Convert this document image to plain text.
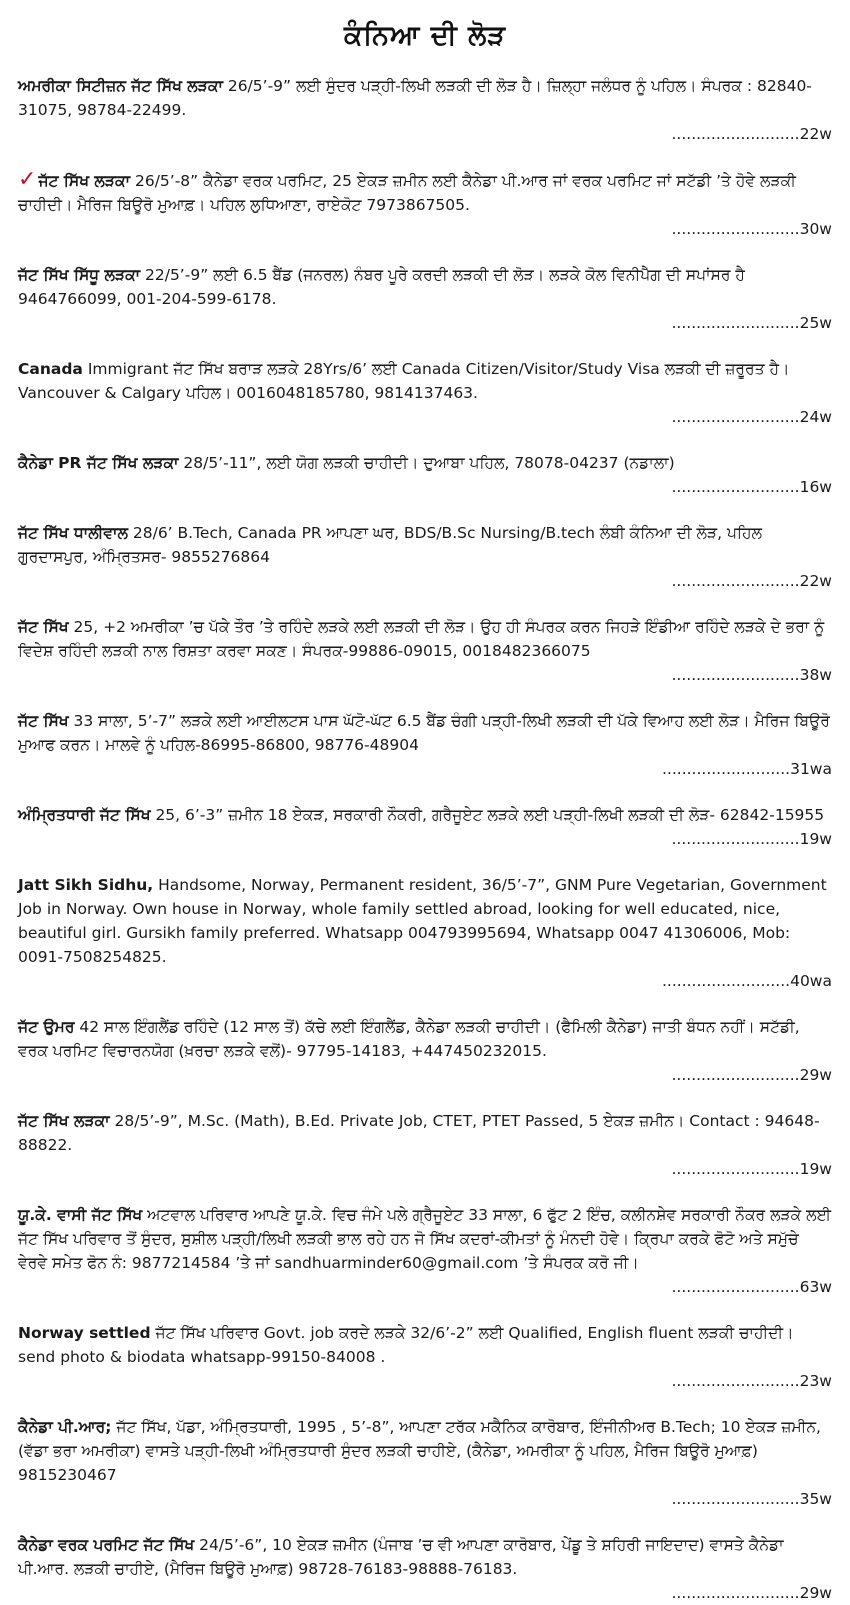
ਕੰਨਿਆ ਦੀ ਲੋੜ
ਅਮਰੀਕਾ ਸਿਟੀਜ਼ਨ ਜੱਟ ਸਿੱਖ ਲੜਕਾ 26/5’-9” ਲਈ ਸੁੰਦਰ ਪੜ੍ਹੀ-ਲਿਖੀ ਲੜਕੀ ਦੀ ਲੋੜ ਹੈ। ਜ਼ਿਲ੍ਹਾ ਜਲੰਧਰ ਨੂੰ ਪਹਿਲ। ਸੰਪਰਕ : 82840-31075, 98784-22499.
..........................22w
✓ ਜੱਟ ਸਿੱਖ ਲੜਕਾ 26/5’-8” ਕੈਨੇਡਾ ਵਰਕ ਪਰਮਿਟ, 25 ਏਕੜ ਜ਼ਮੀਨ ਲਈ ਕੈਨੇਡਾ ਪੀ.ਆਰ ਜਾਂ ਵਰਕ ਪਰਮਿਟ ਜਾਂ ਸਟੱਡੀ ’ਤੇ ਹੋਵੇ ਲੜਕੀ ਚਾਹੀਦੀ। ਮੈਰਿਜ ਬਿਊਰੋ ਮੁਆਫ਼। ਪਹਿਲ ਲੁਧਿਆਣਾ, ਰਾਏਕੋਟ 7973867505.
..........................30w
ਜੱਟ ਸਿੱਖ ਸਿੱਧੂ ਲੜਕਾ 22/5’-9” ਲਈ 6.5 ਬੈਂਡ (ਜਨਰਲ) ਨੰਬਰ ਪੂਰੇ ਕਰਦੀ ਲੜਕੀ ਦੀ ਲੋੜ। ਲੜਕੇ ਕੋਲ ਵਿਨੀਪੈੱਗ ਦੀ ਸਪਾਂਸਰ ਹੈ 9464766099, 001-204-599-6178.
..........................25w
Canada Immigrant ਜੱਟ ਸਿੱਖ ਬਰਾੜ ਲੜਕੇ 28Yrs/6’ ਲਈ Canada Citizen/Visitor/Study Visa ਲੜਕੀ ਦੀ ਜ਼ਰੂਰਤ ਹੈ। Vancouver & Calgary ਪਹਿਲ। 0016048185780, 9814137463.
..........................24w
ਕੈਨੇਡਾ PR ਜੱਟ ਸਿੱਖ ਲੜਕਾ 28/5’-11”, ਲਈ ਯੋਗ ਲੜਕੀ ਚਾਹੀਦੀ। ਦੁਆਬਾ ਪਹਿਲ, 78078-04237 (ਨਡਾਲਾ)
..........................16w
ਜੱਟ ਸਿੱਖ ਧਾਲੀਵਾਲ 28/6’ B.Tech, Canada PR ਆਪਣਾ ਘਰ, BDS/B.Sc Nursing/B.tech ਲੰਬੀ ਕੰਨਿਆ ਦੀ ਲੋੜ, ਪਹਿਲ ਗੁਰਦਾਸਪੁਰ, ਅੰਮ੍ਰਿਤਸਰ- 9855276864
..........................22w
ਜੱਟ ਸਿੱਖ 25, +2 ਅਮਰੀਕਾ ’ਚ ਪੱਕੇ ਤੌਰ ’ਤੇ ਰਹਿੰਦੇ ਲੜਕੇ ਲਈ ਲੜਕੀ ਦੀ ਲੋੜ। ਉਹ ਹੀ ਸੰਪਰਕ ਕਰਨ ਜਿਹੜੇ ਇੰਡੀਆ ਰਹਿੰਦੇ ਲੜਕੇ ਦੇ ਭਰਾ ਨੂੰ ਵਿਦੇਸ਼ ਰਹਿੰਦੀ ਲੜਕੀ ਨਾਲ ਰਿਸ਼ਤਾ ਕਰਵਾ ਸਕਣ। ਸੰਪਰਕ-99886-09015, 0018482366075
..........................38w
ਜੱਟ ਸਿੱਖ 33 ਸਾਲਾ, 5’-7” ਲੜਕੇ ਲਈ ਆਈਲਟਸ ਪਾਸ ਘੱਟੋ-ਘੱਟ 6.5 ਬੈਂਡ ਚੰਗੀ ਪੜ੍ਹੀ-ਲਿਖੀ ਲੜਕੀ ਦੀ ਪੱਕੇ ਵਿਆਹ ਲਈ ਲੋੜ। ਮੈਰਿਜ ਬਿਊਰੋ ਮੁਆਫ ਕਰਨ। ਮਾਲਵੇ ਨੂੰ ਪਹਿਲ-86995-86800, 98776-48904
..........................31wa
ਅੰਮ੍ਰਿਤਧਾਰੀ ਜੱਟ ਸਿੱਖ 25, 6’-3” ਜ਼ਮੀਨ 18 ਏਕੜ, ਸਰਕਾਰੀ ਨੌਕਰੀ, ਗਰੈਜੂਏਟ ਲੜਕੇ ਲਈ ਪੜ੍ਹੀ-ਲਿਖੀ ਲੜਕੀ ਦੀ ਲੋੜ- 62842-15955
..........................19w
Jatt Sikh Sidhu, Handsome, Norway, Permanent resident, 36/5’-7”, GNM Pure Vegetarian, Government Job in Norway. Own house in Norway, whole family settled abroad, looking for well educated, nice, beautiful girl. Gursikh family preferred. Whatsapp 004793995694, Whatsapp 0047 41306006, Mob: 0091-7508254825.
..........................40wa
ਜੱਟ ਉਮਰ 42 ਸਾਲ ਇੰਗਲੈਂਡ ਰਹਿੰਦੇ (12 ਸਾਲ ਤੋਂ) ਕੱਚੇ ਲਈ ਇੰਗਲੈਂਡ, ਕੈਨੇਡਾ ਲੜਕੀ ਚਾਹੀਦੀ। (ਫੈਮਿਲੀ ਕੈਨੇਡਾ) ਜਾਤੀ ਬੰਧਨ ਨਹੀਂ। ਸਟੱਡੀ, ਵਰਕ ਪਰਮਿਟ ਵਿਚਾਰਨਯੋਗ (ਖ਼ਰਚਾ ਲੜਕੇ ਵਲੋਂ)- 97795-14183, +447450232015.
..........................29w
ਜੱਟ ਸਿੱਖ ਲੜਕਾ 28/5’-9”, M.Sc. (Math), B.Ed. Private Job, CTET, PTET Passed, 5 ਏਕੜ ਜ਼ਮੀਨ। Contact : 94648-88822.
..........................19w
ਯੂ.ਕੇ. ਵਾਸੀ ਜੱਟ ਸਿੱਖ ਅਟਵਾਲ ਪਰਿਵਾਰ ਆਪਣੇ ਯੂ.ਕੇ. ਵਿਚ ਜੰਮੇ ਪਲੇ ਗ੍ਰੈਜੂਏਟ 33 ਸਾਲਾ, 6 ਫੁੱਟ 2 ਇੰਚ, ਕਲੀਨਸ਼ੇਵ ਸਰਕਾਰੀ ਨੌਕਰ ਲੜਕੇ ਲਈ ਜੱਟ ਸਿੱਖ ਪਰਿਵਾਰ ਤੋਂ ਸੁੰਦਰ, ਸੁਸ਼ੀਲ ਪੜ੍ਹੀ/ਲਿਖੀ ਲੜਕੀ ਭਾਲ ਰਹੇ ਹਨ ਜੋ ਸਿੱਖ ਕਦਰਾਂ-ਕੀਮਤਾਂ ਨੂੰ ਮੰਨਦੀ ਹੋਵੇ। ਕ੍ਰਿਪਾ ਕਰਕੇ ਫੋਟੋ ਅਤੇ ਸਮੁੱਚੇ ਵੇਰਵੇ ਸਮੇਤ ਫੋਨ ਨੰ: 9877214584 ’ਤੇ ਜਾਂ sandhuarminder60@gmail.com ’ਤੇ ਸੰਪਰਕ ਕਰੋ ਜੀ।
..........................63w
Norway settled ਜੱਟ ਸਿੱਖ ਪਰਿਵਾਰ Govt. job ਕਰਦੇ ਲੜਕੇ 32/6’-2” ਲਈ Qualified, English fluent ਲੜਕੀ ਚਾਹੀਦੀ। send photo & biodata whatsapp-99150-84008 .
..........................23w
ਕੈਨੇਡਾ ਪੀ.ਆਰ; ਜੱਟ ਸਿੱਖ, ਪੱਡਾ, ਅੰਮ੍ਰਿਤਧਾਰੀ, 1995 , 5’-8”, ਆਪਣਾ ਟਰੱਕ ਮਕੈਨਿਕ ਕਾਰੋਬਾਰ, ਇੰਜੀਨੀਅਰ B.Tech; 10 ਏਕੜ ਜ਼ਮੀਨ, (ਵੱਡਾ ਭਰਾ ਅਮਰੀਕਾ) ਵਾਸਤੇ ਪੜ੍ਹੀ-ਲਿਖੀ ਅੰਮ੍ਰਿਤਧਾਰੀ ਸੁੰਦਰ ਲੜਕੀ ਚਾਹੀਏ, (ਕੈਨੇਡਾ, ਅਮਰੀਕਾ ਨੂੰ ਪਹਿਲ, ਮੈਰਿਜ ਬਿਊਰੋ ਮੁਆਫ਼) 9815230467
..........................35w
ਕੈਨੇਡਾ ਵਰਕ ਪਰਮਿਟ ਜੱਟ ਸਿੱਖ 24/5’-6”, 10 ਏਕੜ ਜ਼ਮੀਨ (ਪੰਜਾਬ ’ਚ ਵੀ ਆਪਣਾ ਕਾਰੋਬਾਰ, ਪੇਂਡੂ ਤੇ ਸ਼ਹਿਰੀ ਜਾਇਦਾਦ) ਵਾਸਤੇ ਕੈਨੇਡਾ ਪੀ.ਆਰ. ਲੜਕੀ ਚਾਹੀਏ, (ਮੈਰਿਜ ਬਿਊਰੋ ਮੁਆਫ਼) 98728-76183-98888-76183.
..........................29w
